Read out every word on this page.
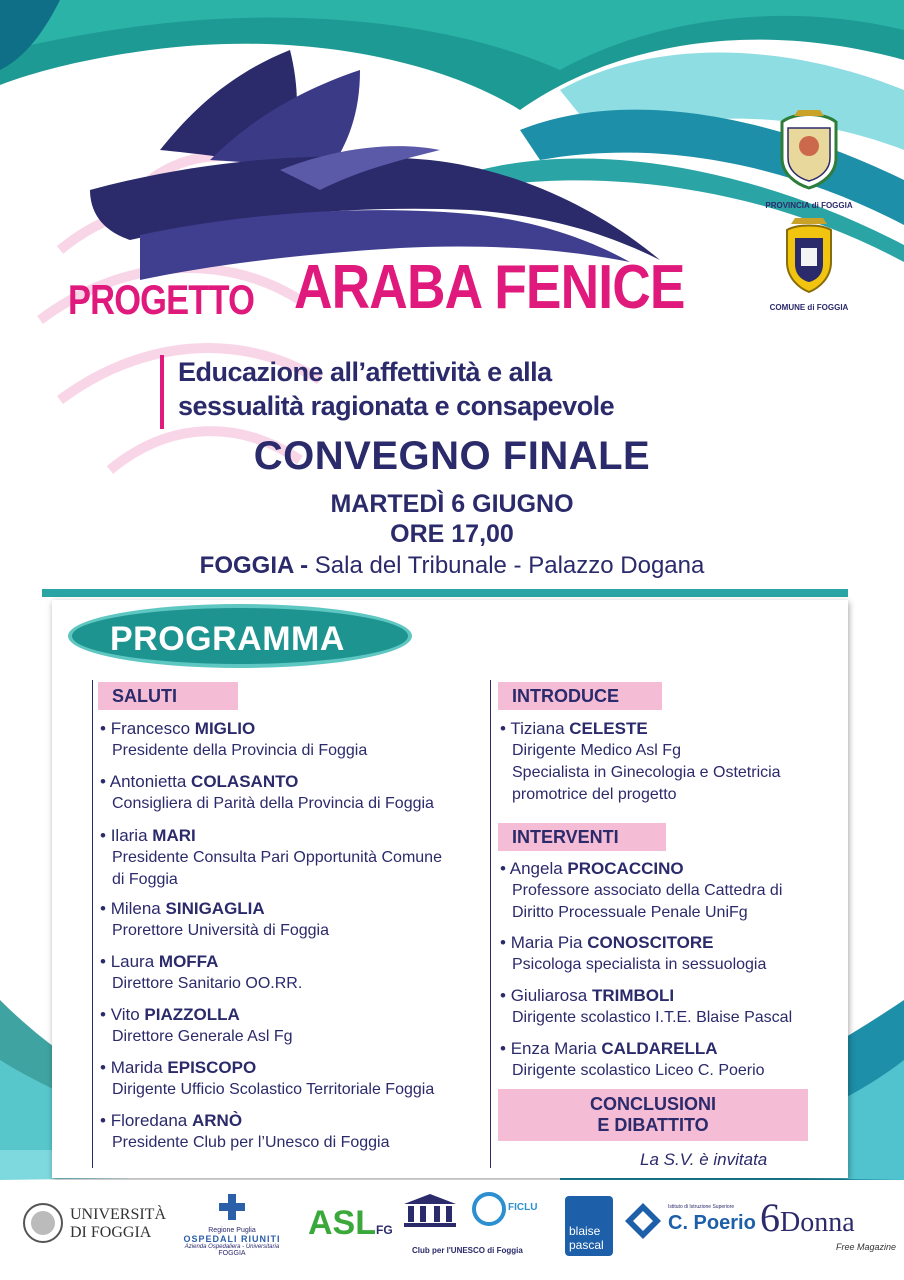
PROVINCIA di FOGGIA
COMUNE di FOGGIA
PROGETTO ARABA FENICE
Educazione all’affettività e alla
sessualità ragionata e consapevole
CONVEGNO FINALE
MARTEDÌ 6 GIUGNO
ORE 17,00
FOGGIA - Sala del Tribunale - Palazzo Dogana
PROGRAMMA
SALUTI	INTRODUCE
INTERVENTI
• Francesco MIGLIO
Presidente della Provincia di Foggia
• Antonietta COLASANTO
Consigliera di Parità della Provincia di Foggia
• Ilaria MARI
Presidente Consulta Pari Opportunità Comune
di Foggia
• Milena SINIGAGLIA
Prorettore Università di Foggia
• Laura MOFFA
Direttore Sanitario OO.RR.
• Vito PIAZZOLLA
Direttore Generale Asl Fg
• Marida EPISCOPO
Dirigente Ufficio Scolastico Territoriale Foggia
• Floredana ARNÒ
Presidente Club per l’Unesco di Foggia
• Tiziana CELESTE
Dirigente Medico Asl Fg
Specialista in Ginecologia e Ostetricia
promotrice del progetto
• Angela PROCACCINO
Professore associato della Cattedra di
Diritto Processuale Penale UniFg
• Maria Pia CONOSCITORE
Psicologa specialista in sessuologia
• Giuliarosa TRIMBOLI
Dirigente scolastico I.T.E. Blaise Pascal
• Enza Maria CALDARELLA
Dirigente scolastico Liceo C. Poerio
CONCLUSIONI
E DIBATTITO
La S.V. è invitata
UNIVERSITÀ
DI FOGGIA	Regione Puglia
OSPEDALI RIUNITI
Azienda Ospedaliera - Universitaria
FOGGIA
ASLFG
FICLU
Club per l'UNESCO di Foggia
blaise
pascal
Istituto di Istruzione Superiore
C. Poerio 6Donna
Free Magazine
